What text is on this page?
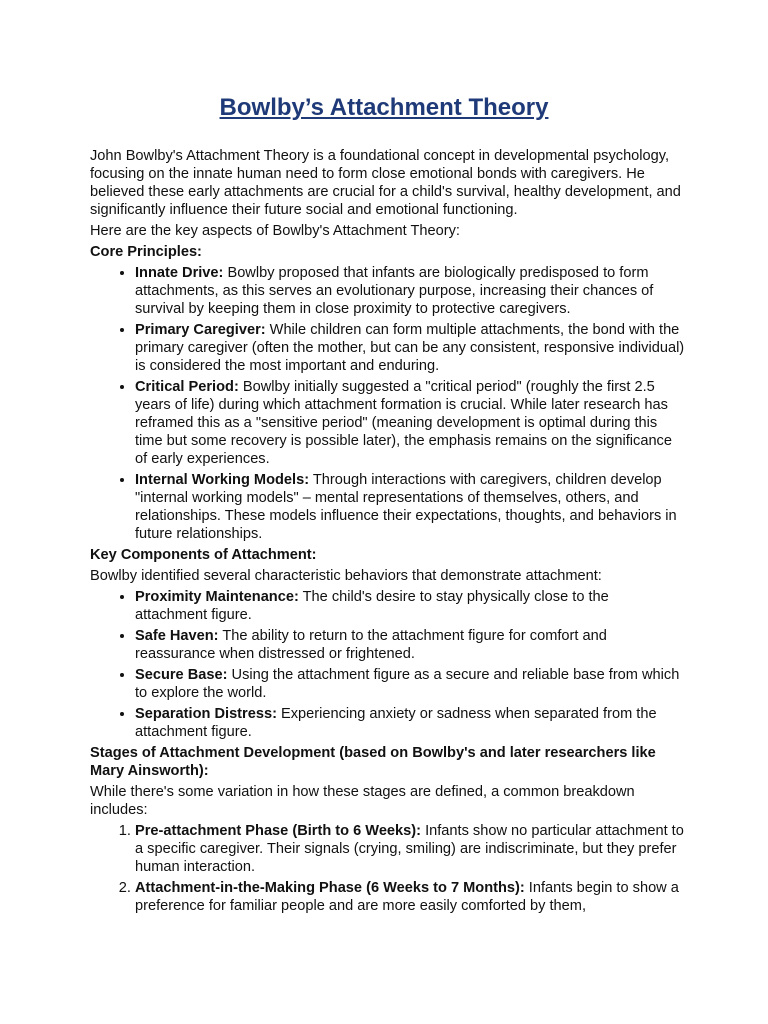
Bowlby’s Attachment Theory

John Bowlby's Attachment Theory is a foundational concept in developmental psychology, focusing on the innate human need to form close emotional bonds with caregivers. He believed these early attachments are crucial for a child's survival, healthy development, and significantly influence their future social and emotional functioning.

Here are the key aspects of Bowlby's Attachment Theory:

Core Principles:
• Innate Drive: Bowlby proposed that infants are biologically predisposed to form attachments, as this serves an evolutionary purpose, increasing their chances of survival by keeping them in close proximity to protective caregivers.
• Primary Caregiver: While children can form multiple attachments, the bond with the primary caregiver (often the mother, but can be any consistent, responsive individual) is considered the most important and enduring.
• Critical Period: Bowlby initially suggested a "critical period" (roughly the first 2.5 years of life) during which attachment formation is crucial. While later research has reframed this as a "sensitive period" (meaning development is optimal during this time but some recovery is possible later), the emphasis remains on the significance of early experiences.
• Internal Working Models: Through interactions with caregivers, children develop "internal working models" – mental representations of themselves, others, and relationships. These models influence their expectations, thoughts, and behaviors in future relationships.
Key Components of Attachment:

Bowlby identified several characteristic behaviors that demonstrate attachment:

• Proximity Maintenance: The child's desire to stay physically close to the attachment figure.
• Safe Haven: The ability to return to the attachment figure for comfort and reassurance when distressed or frightened.
• Secure Base: Using the attachment figure as a secure and reliable base from which to explore the world.
• Separation Distress: Experiencing anxiety or sadness when separated from the attachment figure.
Stages of Attachment Development (based on Bowlby's and later researchers like Mary Ainsworth):

While there's some variation in how these stages are defined, a common breakdown includes:

1. Pre-attachment Phase (Birth to 6 Weeks): Infants show no particular attachment to a specific caregiver. Their signals (crying, smiling) are indiscriminate, but they prefer human interaction.
2. Attachment-in-the-Making Phase (6 Weeks to 7 Months): Infants begin to show a preference for familiar people and are more easily comforted by them,
